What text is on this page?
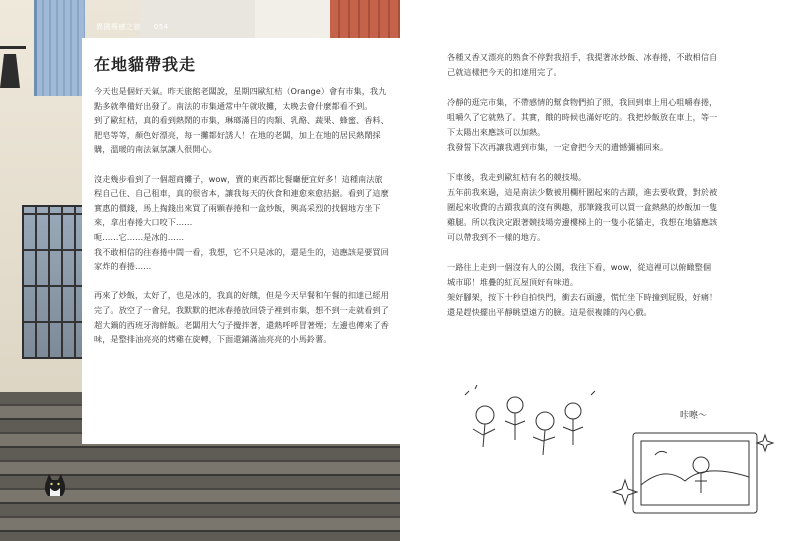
異國療癒之旅 054
在地貓帶我走

今天也是個好天氣。昨天旅館老闆說，星期四歐紅桔（Orange）會有市集，我九點多就準備好出發了。南法的市集通常中午就收攤，太晚去會什麼都看不到。

到了歐紅桔，真的看到熱鬧的市集，琳瑯滿目的肉類、乳酪、蔬果、蜂蜜、香料、肥皂等等，顏色好漂亮，每一攤都好誘人！在地的老闆，加上在地的居民熱鬧採購，溫暖的南法氣氛讓人很開心。

沒走幾步看到了一個超商攤子，wow，賣的東西都比餐廳便宜好多！這種南法旅程自己住、自己租車，真的很省本，讓我每天的伙食和連愈來愈拮据。看到了這麼實惠的價錢，馬上掏錢出來買了兩顆春捲和一盒炒飯，興高采烈的找個地方坐下來，拿出春捲大口咬下……

呃……它……是冰的……

我不敢相信的往春捲中間一看，我想，它不只是冰的，還是生的，這應該是要買回家炸的春捲……

再來了炒飯，太好了，也是冰的，我真的好餓，但是今天早餐和午餐的扣達已經用完了。放空了一會兒，我默默的把冰春捲放回袋子裡到市集，想不到一走就看到了超大鍋的西班牙海鮮飯。老闆用大勺子攪拌著，還熱呼呼冒著煙；左邊也傳來了香味，是整排油亮亮的烤雞在旋轉，下面還鋪滿油亮亮的小馬鈴薯。

各種又香又漂亮的熟食不停對我招手，我提著冰炒飯、冰春捲，不敢相信自己就這樣把今天的扣達用完了。

冷靜的逛完市集，不帶感情的幫食物們拍了照，我回到車上用心咀嚼春捲，咀嚼久了它就熟了。其實，餓的時候也滿好吃的。我把炒飯放在車上，等一下太陽出來應該可以加熱。

我發誓下次再讓我遇到市集，一定會把今天的遺憾彌補回來。

下車後，我走到歐紅桔有名的競技場。

五年前我來過，這是南法少數被用欄杆圍起來的古蹟，進去要收費，對於被圍起來收費的古蹟我真的沒有興趣，那筆錢我可以買一盒熱熱的炒飯加一隻雞腿。所以我決定跟著競技場旁邊樓梯上的一隻小花貓走，我想在地貓應該可以帶我到不一樣的地方。

一路往上走到一個沒有人的公園，我往下看，wow，從這裡可以俯瞰整個城市耶！堆疊的紅瓦屋頂好有味道。

架好腳架，按下十秒自拍快門，衝去石頭邊，慌忙坐下時撞到屁股，好痛！還是趕快擺出平靜眺望遠方的臉。這是很複雜的內心戲。

咔嚓～
